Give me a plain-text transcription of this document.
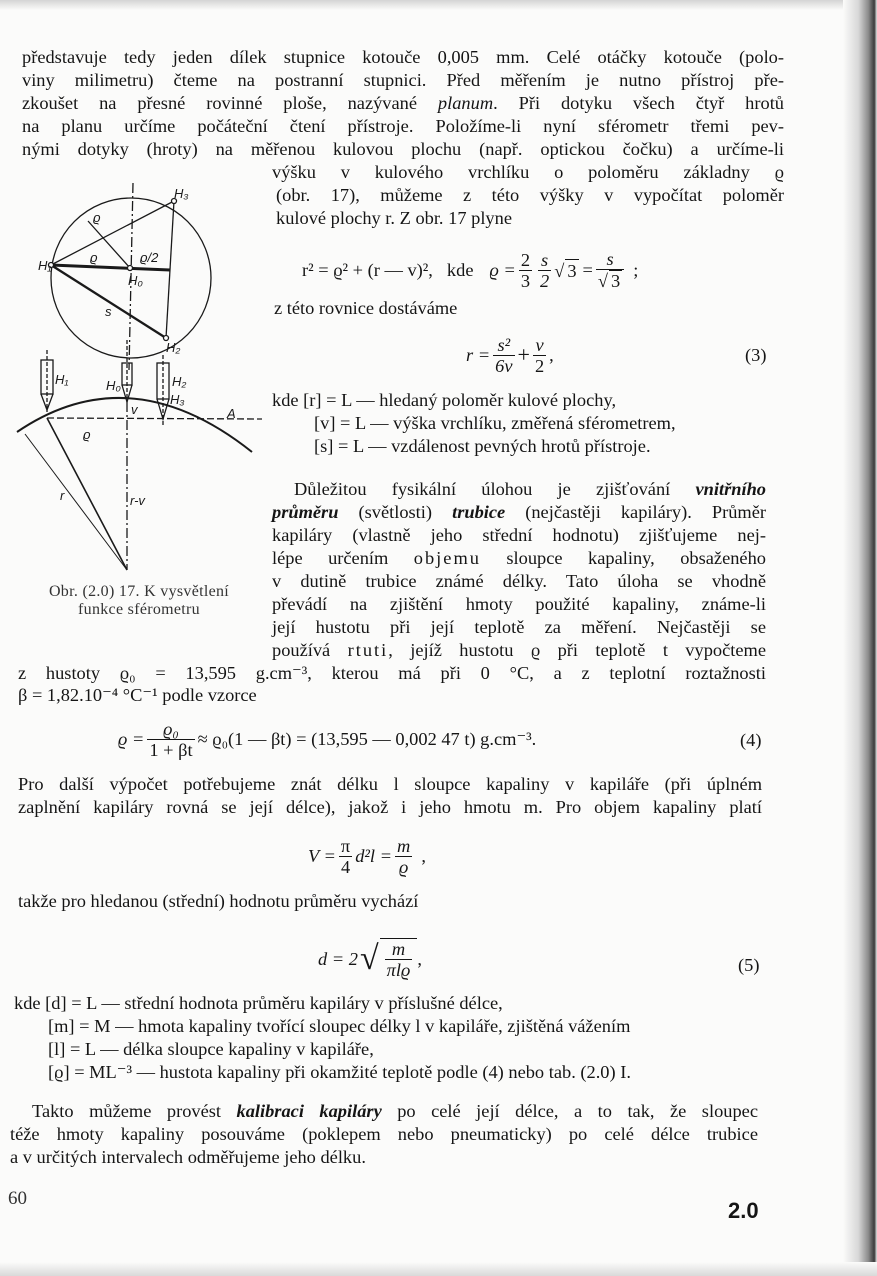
představuje tedy jeden dílek stupnice kotouče 0,005 mm. Celé otáčky kotouče (polo-
viny milimetru) čteme na postranní stupnici. Před měřením je nutno přístroj pře-
zkoušet na přesné rovinné ploše, nazývané planum. Při dotyku všech čtyř hrotů
na planu určíme počáteční čtení přístroje. Položíme-li nyní sférometr třemi pev-
nými dotyky (hroty) na měřenou kulovou plochu (např. optickou čočku) a určíme-li
výšku v kulového vrchlíku o poloměru základny ϱ
(obr. 17), můžeme z této výšky v vypočítat poloměr
kulové plochy r. Z obr. 17 plyne
r² = ϱ² + (r — v)², kde $ϱ = \frac{2}{3} \frac{s}{2}$ √ $3 = \frac{s}{√ 3}$ ;
z této rovnice dostáváme
$r = \frac{\text{s²}}{6v} + \frac{v}{2}$ ,	(3)
kde [r] = L — hledaný poloměr kulové plochy,
[v] = L — výška vrchlíku, změřená sférometrem,
[s] = L — vzdálenost pevných hrotů přístroje.
H₁
H₃
H₂
H₀
ϱ
ϱ	ϱ/2
s
H₁	H₀	H₂
H₃
v	A
ϱ
r	r-v
Obr. (2.0) 17. K vysvětlení
funkce sférometru
Důležitou fysikální úlohou je zjišťování vnitřního
průměru (světlosti) trubice (nejčastěji kapiláry). Průměr
kapiláry (vlastně jeho střední hodnotu) zjišťujeme nej-
lépe určením objemu sloupce kapaliny, obsaženého
v dutině trubice známé délky. Tato úloha se vhodně
převádí na zjištění hmoty použité kapaliny, známe-li
její hustotu při její teplotě za měření. Nejčastěji se
používá rtuti, jejíž hustotu ϱ při teplotě t vypočteme
z hustoty ϱ₀ = 13,595 g.cm⁻³, kterou má při 0 °C, a z teplotní roztažnosti
β = 1,82.10⁻⁴ °C⁻¹ podle vzorce
$ϱ = \frac{\text{ϱ₀}}{1 + \beta t} \approx ϱ_0(1$ — βt) = (13,595 — 0,002 47 t) g.cm⁻³.	(4)
Pro další výpočet potřebujeme znát délku l sloupce kapaliny v kapiláře (při úplném
zaplnění kapiláry rovná se její délce), jakož i jeho hmotu m. Pro objem kapaliny platí
$V = \frac{\pi}{4} d^2l = \frac{m}{ϱ}$ ,
takže pro hledanou (střední) hodnotu průměru vychází
d = 2 √ $\frac{m}{\text{πlϱ}}$ ,	(5)
kde [d] = L — střední hodnota průměru kapiláry v příslušné délce,
[m] = M — hmota kapaliny tvořící sloupec délky l v kapiláře, zjištěná vážením
[l] = L — délka sloupce kapaliny v kapiláře,
[ϱ] = ML⁻³ — hustota kapaliny při okamžité teplotě podle (4) nebo tab. (2.0) I.
Takto můžeme provést kalibraci kapiláry po celé její délce, a to tak, že sloupec
téže hmoty kapaliny posouváme (poklepem nebo pneumaticky) po celé délce trubice
a v určitých intervalech odměřujeme jeho délku.
60	2.0
